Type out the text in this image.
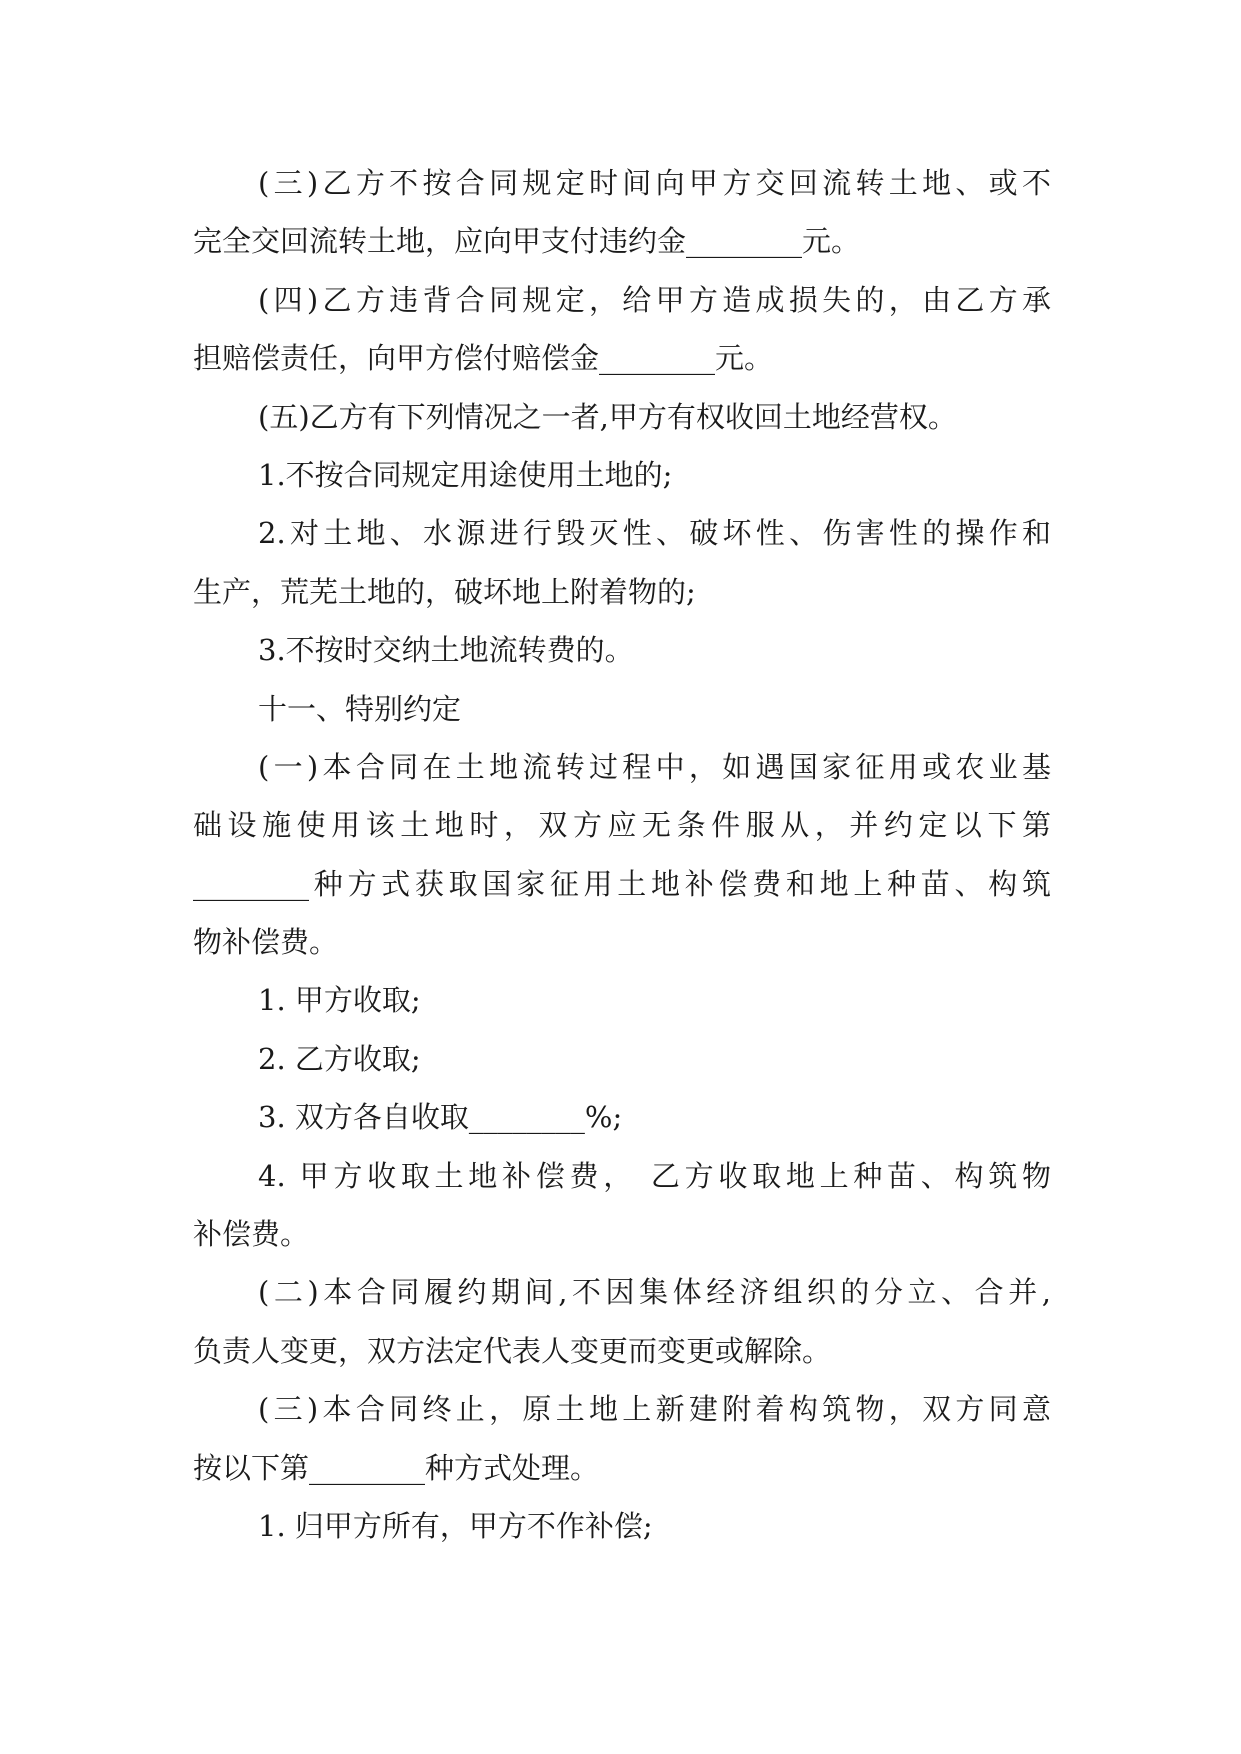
(三)乙方不按合同规定时间向甲方交回流转土地、或不
完全交回流转土地，应向甲支付违约金________元。
(四)乙方违背合同规定，给甲方造成损失的，由乙方承
担赔偿责任，向甲方偿付赔偿金________元。
(五)乙方有下列情况之一者,甲方有权收回土地经营权。
1.不按合同规定用途使用土地的;
2.对土地、水源进行毁灭性、破坏性、伤害性的操作和
生产，荒芜土地的，破坏地上附着物的;
3.不按时交纳土地流转费的。
十一、特别约定
(一)本合同在土地流转过程中，如遇国家征用或农业基
础设施使用该土地时，双方应无条件服从，并约定以下第
________种方式获取国家征用土地补偿费和地上种苗、构筑
物补偿费。
1. 甲方收取;
2. 乙方收取;
3. 双方各自收取________%;
4. 甲方收取土地补偿费， 乙方收取地上种苗、构筑物
补偿费。
(二)本合同履约期间,不因集体经济组织的分立、合并,
负责人变更，双方法定代表人变更而变更或解除。
(三)本合同终止，原土地上新建附着构筑物，双方同意
按以下第________种方式处理。
1. 归甲方所有，甲方不作补偿;
